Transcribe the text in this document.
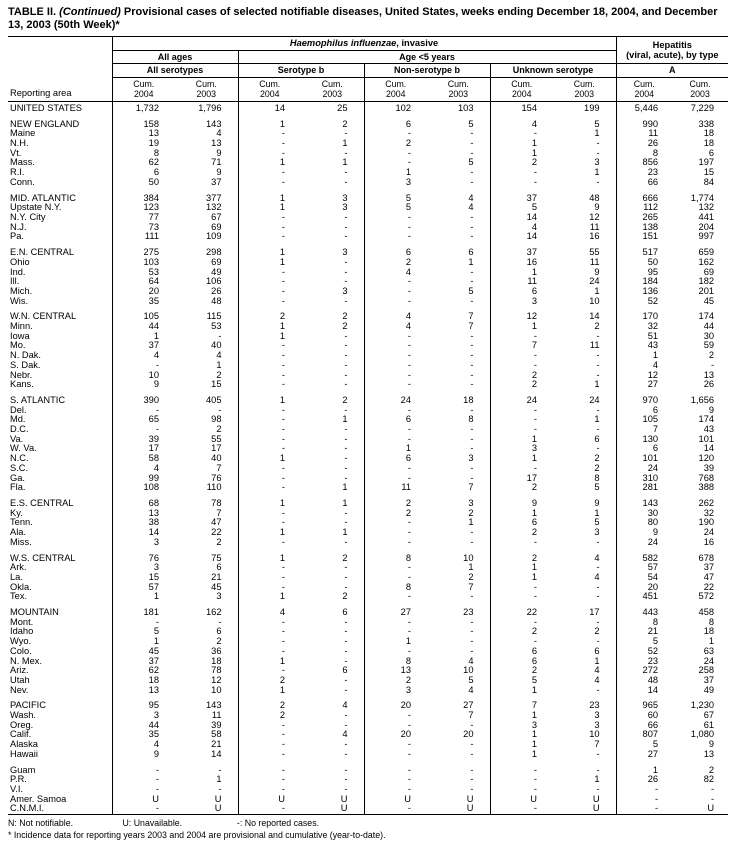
TABLE II. (Continued) Provisional cases of selected notifiable diseases, United States, weeks ending December 18, 2004, and December 13, 2003 (50th Week)*
Reporting area	Haemophilus influenzae, invasive								Hepatitis
(viral, acute), by type	
	All ages		Age <5 years							
	All serotypes		Serotype b		Non-serotype b		Unknown serotype		A	
	Cum.
2004	Cum.
2003	Cum.
2004	Cum.
2003	Cum.
2004	Cum.
2003	Cum.
2004	Cum.
2003	Cum.
2004	Cum.
2003
UNITED STATES	1,732	1,796	14	25	102	103	154	199	5,446	7,229

NEW ENGLAND	158	143	1	2	6	5	4	5	990	338
Maine	13	4	-	-	-	-	-	1	11	18
N.H.	19	13	-	1	2	-	1	-	26	18
Vt.	8	9	-	-	-	-	1	-	8	6
Mass.	62	71	1	1	-	5	2	3	856	197
R.I.	6	9	-	-	1	-	-	1	23	15
Conn.	50	37	-	-	3	-	-	-	66	84

MID. ATLANTIC	384	377	1	3	5	4	37	48	666	1,774
Upstate N.Y.	123	132	1	3	5	4	5	9	112	132
N.Y. City	77	67	-	-	-	-	14	12	265	441
N.J.	73	69	-	-	-	-	4	11	138	204
Pa.	111	109	-	-	-	-	14	16	151	997

E.N. CENTRAL	275	298	1	3	6	6	37	55	517	659
Ohio	103	69	1	-	2	1	16	11	50	162
Ind.	53	49	-	-	4	-	1	9	95	69
Ill.	64	106	-	-	-	-	11	24	184	182
Mich.	20	26	-	3	-	5	6	1	136	201
Wis.	35	48	-	-	-	-	3	10	52	45

W.N. CENTRAL	105	115	2	2	4	7	12	14	170	174
Minn.	44	53	1	2	4	7	1	2	32	44
Iowa	1	-	1	-	-	-	-	-	51	30
Mo.	37	40	-	-	-	-	7	11	43	59
N. Dak.	4	4	-	-	-	-	-	-	1	2
S. Dak.	-	1	-	-	-	-	-	-	4	-
Nebr.	10	2	-	-	-	-	2	-	12	13
Kans.	9	15	-	-	-	-	2	1	27	26

S. ATLANTIC	390	405	1	2	24	18	24	24	970	1,656
Del.	-	-	-	-	-	-	-	-	6	9
Md.	65	98	-	1	6	8	-	1	105	174
D.C.	-	2	-	-	-	-	-	-	7	43
Va.	39	55	-	-	-	-	1	6	130	101
W. Va.	17	17	-	-	1	-	3	-	6	14
N.C.	58	40	1	-	6	3	1	2	101	120
S.C.	4	7	-	-	-	-	-	2	24	39
Ga.	99	76	-	-	-	-	17	8	310	768
Fla.	108	110	-	1	11	7	2	5	281	388

E.S. CENTRAL	68	78	1	1	2	3	9	9	143	262
Ky.	13	7	-	-	2	2	1	1	30	32
Tenn.	38	47	-	-	-	1	6	5	80	190
Ala.	14	22	1	1	-	-	2	3	9	24
Miss.	3	2	-	-	-	-	-	-	24	16

W.S. CENTRAL	76	75	1	2	8	10	2	4	582	678
Ark.	3	6	-	-	-	1	1	-	57	37
La.	15	21	-	-	-	2	1	4	54	47
Okla.	57	45	-	-	8	7	-	-	20	22
Tex.	1	3	1	2	-	-	-	-	451	572

MOUNTAIN	181	162	4	6	27	23	22	17	443	458
Mont.	-	-	-	-	-	-	-	-	8	8
Idaho	5	6	-	-	-	-	2	2	21	18
Wyo.	1	2	-	-	1	-	-	-	5	1
Colo.	45	36	-	-	-	-	6	6	52	63
N. Mex.	37	18	1	-	8	4	6	1	23	24
Ariz.	62	78	-	6	13	10	2	4	272	258
Utah	18	12	2	-	2	5	5	4	48	37
Nev.	13	10	1	-	3	4	1	-	14	49

PACIFIC	95	143	2	4	20	27	7	23	965	1,230
Wash.	3	11	2	-	-	7	1	3	60	67
Oreg.	44	39	-	-	-	-	3	3	66	61
Calif.	35	58	-	4	20	20	1	10	807	1,080
Alaska	4	21	-	-	-	-	1	7	5	9
Hawaii	9	14	-	-	-	-	1	-	27	13

Guam	-	-	-	-	-	-	-	-	1	2
P.R.	-	1	-	-	-	-	-	1	26	82
V.I.	-	-	-	-	-	-	-	-	-	-
Amer. Samoa	U	U	U	U	U	U	U	U	-	-
C.N.M.I.	-	U	-	U	-	U	-	U	-	U
N: Not notifiable.	U: Unavailable.	-: No reported cases.
* Incidence data for reporting years 2003 and 2004 are provisional and cumulative (year-to-date).
